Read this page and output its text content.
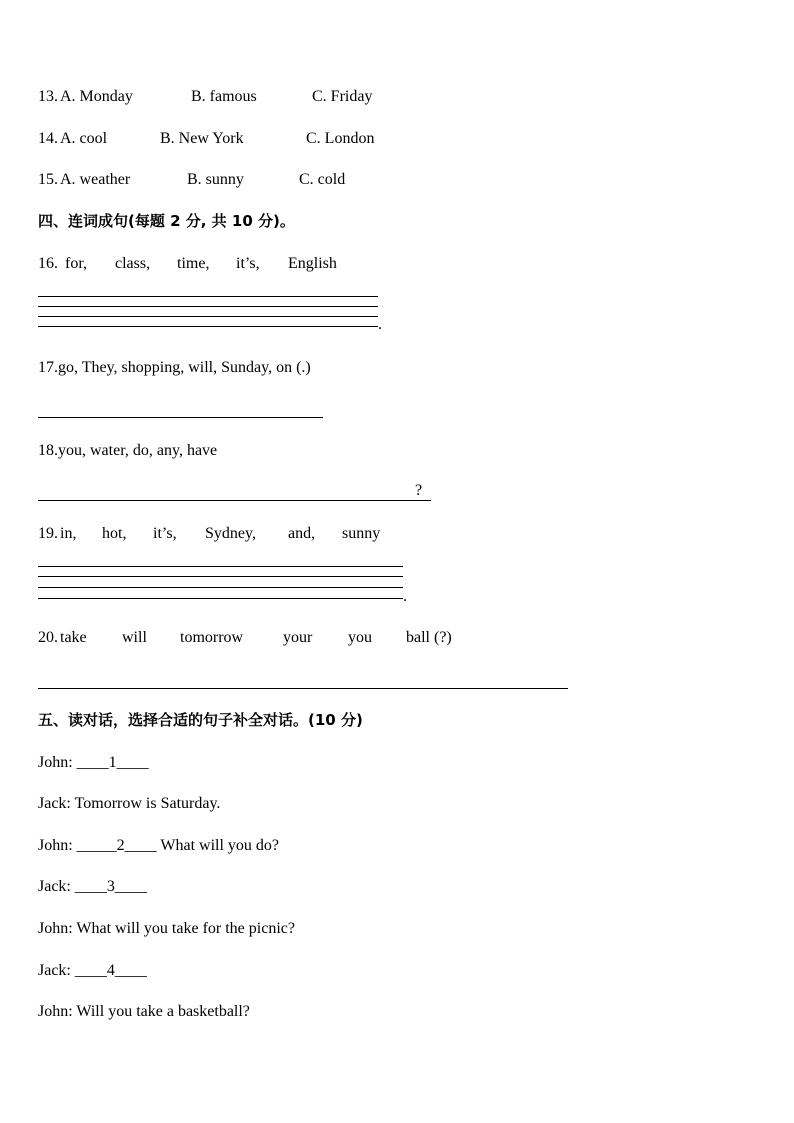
13. A. Monday	B. famous	C. Friday
14. A. cool	B. New York	C. London
15. A. weather	B. sunny	C. cold
四、连词成句(每题 2 分, 共 10 分)。
16. for, class, time, it’s, English
.
17.go, They, shopping, will, Sunday, on (.)
18.you, water, do, any, have
?
19. in, hot, it’s, Sydney, and, sunny
.
20. take will tomorrow your you ball (?)
五、读对话，选择合适的句子补全对话。(10 分)
John: ____1____
Jack: Tomorrow is Saturday.
John: _____2____ What will you do?
Jack: ____3____
John: What will you take for the picnic?
Jack: ____4____
John: Will you take a basketball?
